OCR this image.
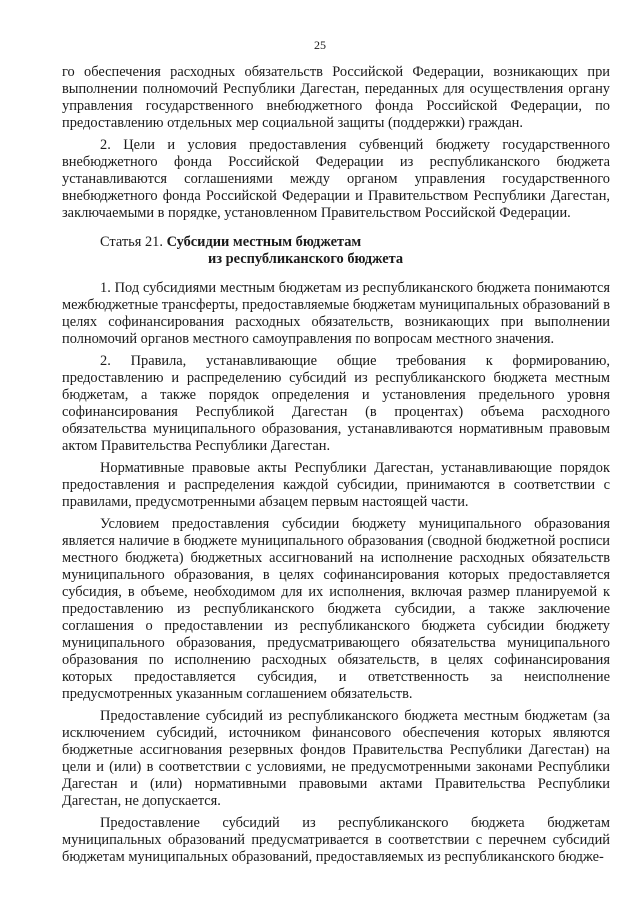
25

го обеспечения расходных обязательств Российской Федерации, возникающих при выполнении полномочий Республики Дагестан, переданных для осуществления органу управления государственного внебюджетного фонда Российской Федерации, по предоставлению отдельных мер социальной защиты (поддержки) граждан.

2. Цели и условия предоставления субвенций бюджету государственного внебюджетного фонда Российской Федерации из республиканского бюджета устанавливаются соглашениями между органом управления государственного внебюджетного фонда Российской Федерации и Правительством Республики Дагестан, заключаемыми в порядке, установленном Правительством Российской Федерации.

Статья 21. Субсидии местным бюджетам
из республиканского бюджета

1. Под субсидиями местным бюджетам из республиканского бюджета понимаются межбюджетные трансферты, предоставляемые бюджетам муниципальных образований в целях софинансирования расходных обязательств, возникающих при выполнении полномочий органов местного самоуправления по вопросам местного значения.

2. Правила, устанавливающие общие требования к формированию, предоставлению и распределению субсидий из республиканского бюджета местным бюджетам, а также порядок определения и установления предельного уровня софинансирования Республикой Дагестан (в процентах) объема расходного обязательства муниципального образования, устанавливаются нормативным правовым актом Правительства Республики Дагестан.

Нормативные правовые акты Республики Дагестан, устанавливающие порядок предоставления и распределения каждой субсидии, принимаются в соответствии с правилами, предусмотренными абзацем первым настоящей части.

Условием предоставления субсидии бюджету муниципального образования является наличие в бюджете муниципального образования (сводной бюджетной росписи местного бюджета) бюджетных ассигнований на исполнение расходных обязательств муниципального образования, в целях софинансирования которых предоставляется субсидия, в объеме, необходимом для их исполнения, включая размер планируемой к предоставлению из республиканского бюджета субсидии, а также заключение соглашения о предоставлении из республиканского бюджета субсидии бюджету муниципального образования, предусматривающего обязательства муниципального образования по исполнению расходных обязательств, в целях софинансирования которых предоставляется субсидия, и ответственность за неисполнение предусмотренных указанным соглашением обязательств.

Предоставление субсидий из республиканского бюджета местным бюджетам (за исключением субсидий, источником финансового обеспечения которых являются бюджетные ассигнования резервных фондов Правительства Республики Дагестан) на цели и (или) в соответствии с условиями, не предусмотренными законами Республики Дагестан и (или) нормативными правовыми актами Правительства Республики Дагестан, не допускается.

Предоставление субсидий из республиканского бюджета бюджетам муниципальных образований предусматривается в соответствии с перечнем субсидий бюджетам муниципальных образований, предоставляемых из республиканского бюдже-
